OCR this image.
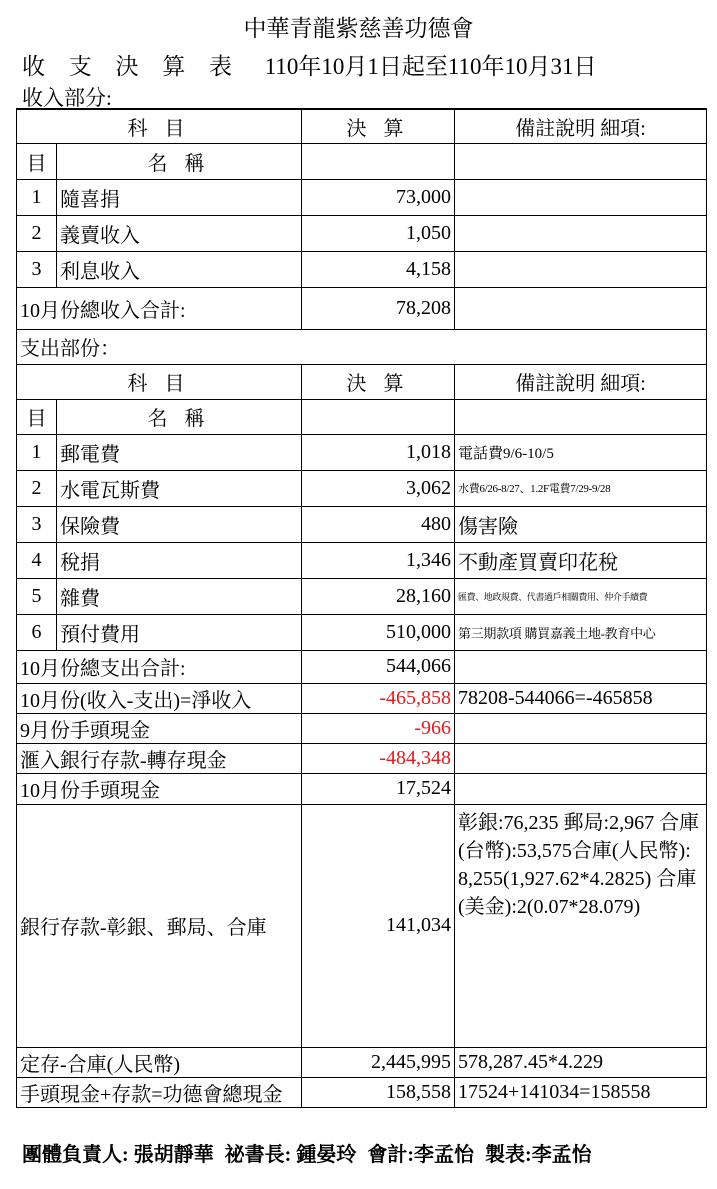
中華青龍紫慈善功德會
收 支 決 算 表 110年10月1日起至110年10月31日
收入部分:
科 目		決 算	備註說明 細項:
目	名 稱		
1	隨喜捐	73,000	
2	義賣收入	1,050	
3	利息收入	4,158	
10月份總收入合計:		78,208	
支出部份：			
科 目		決 算	備註說明 細項:
目	名 稱		
1	郵電費	1,018	電話費9/6-10/5
2	水電瓦斯費	3,062	水費6/26-8/27、1.2F電費7/29-9/28
3	保險費	480	傷害險
4	稅捐	1,346	不動產買賣印花稅
5	雜費	28,160	匯費、地政規費、代書過戶相關費用、仲介手續費
6	預付費用	510,000	第三期款項 購買嘉義土地-教育中心
10月份總支出合計:		544,066	
10月份(收入-支出)=淨收入		-465,858	78208-544066=-465858
9月份手頭現金		-966	
滙入銀行存款-轉存現金		-484,348	
10月份手頭現金		17,524	
銀行存款-彰銀、郵局、合庫		141,034	彰銀:76,235 郵局:2,967 合庫(台幣):53,575合庫(人民幣):8,255(1,927.62*4.2825) 合庫(美金):2(0.07*28.079)
定存-合庫(人民幣)		2,445,995	578,287.45*4.229
手頭現金+存款=功德會總現金		158,558	17524+141034=158558
團體負責人: 張胡靜華 祕書長: 鍾晏玲 會計:李孟怡 製表:李孟怡
